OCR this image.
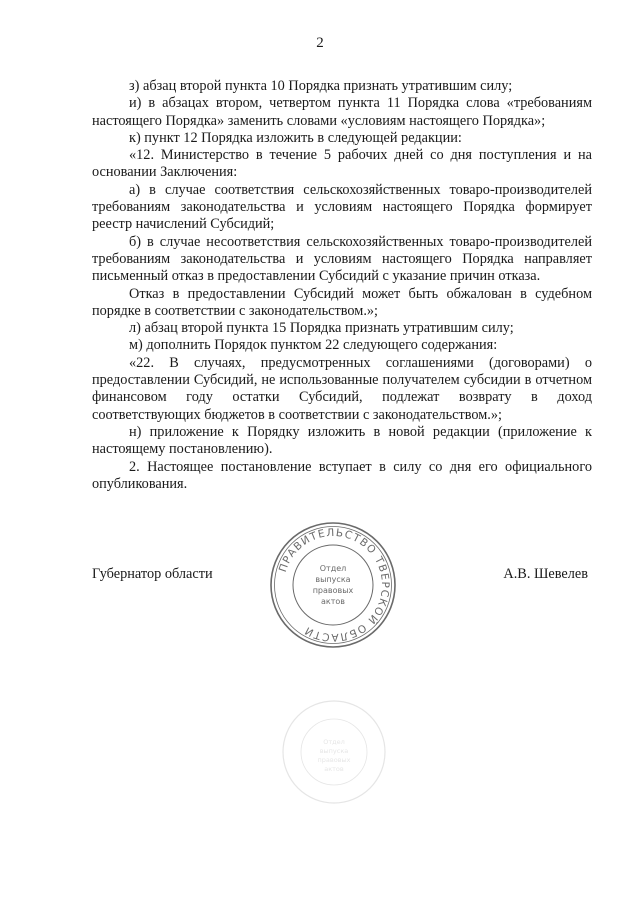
2

з) абзац второй пункта 10 Порядка признать утратившим силу;

и) в абзацах втором, четвертом пункта 11 Порядка слова «требованиям настоящего Порядка» заменить словами «условиям настоящего Порядка»;

к) пункт 12 Порядка изложить в следующей редакции:

«12. Министерство в течение 5 рабочих дней со дня поступления и на основании Заключения:

а) в случае соответствия сельскохозяйственных товаро-производителей требованиям законодательства и условиям настоящего Порядка формирует реестр начислений Субсидий;

б) в случае несоответствия сельскохозяйственных товаро-производителей требованиям законодательства и условиям настоящего Порядка направляет письменный отказ в предоставлении Субсидий с указание причин отказа.

Отказ в предоставлении Субсидий может быть обжалован в судебном порядке в соответствии с законодательством.»;

л) абзац второй пункта 15 Порядка признать утратившим силу;

м) дополнить Порядок пунктом 22 следующего содержания:

«22. В случаях, предусмотренных соглашениями (договорами) о предоставлении Субсидий, не использованные получателем субсидии в отчетном финансовом году остатки Субсидий, подлежат возврату в доход соответствующих бюджетов в соответствии с законодательством.»;

н) приложение к Порядку изложить в новой редакции (приложение к настоящему постановлению).

2. Настоящее постановление вступает в силу со дня его официального опубликования.

Губернатор области	А.В. Шевелев
ПРАВИТЕЛЬСТВО ТВЕРСКОЙ ОБЛАСТИ
Отдел
выпуска
правовых
актов
Отдел
выпуска
правовых
актов
